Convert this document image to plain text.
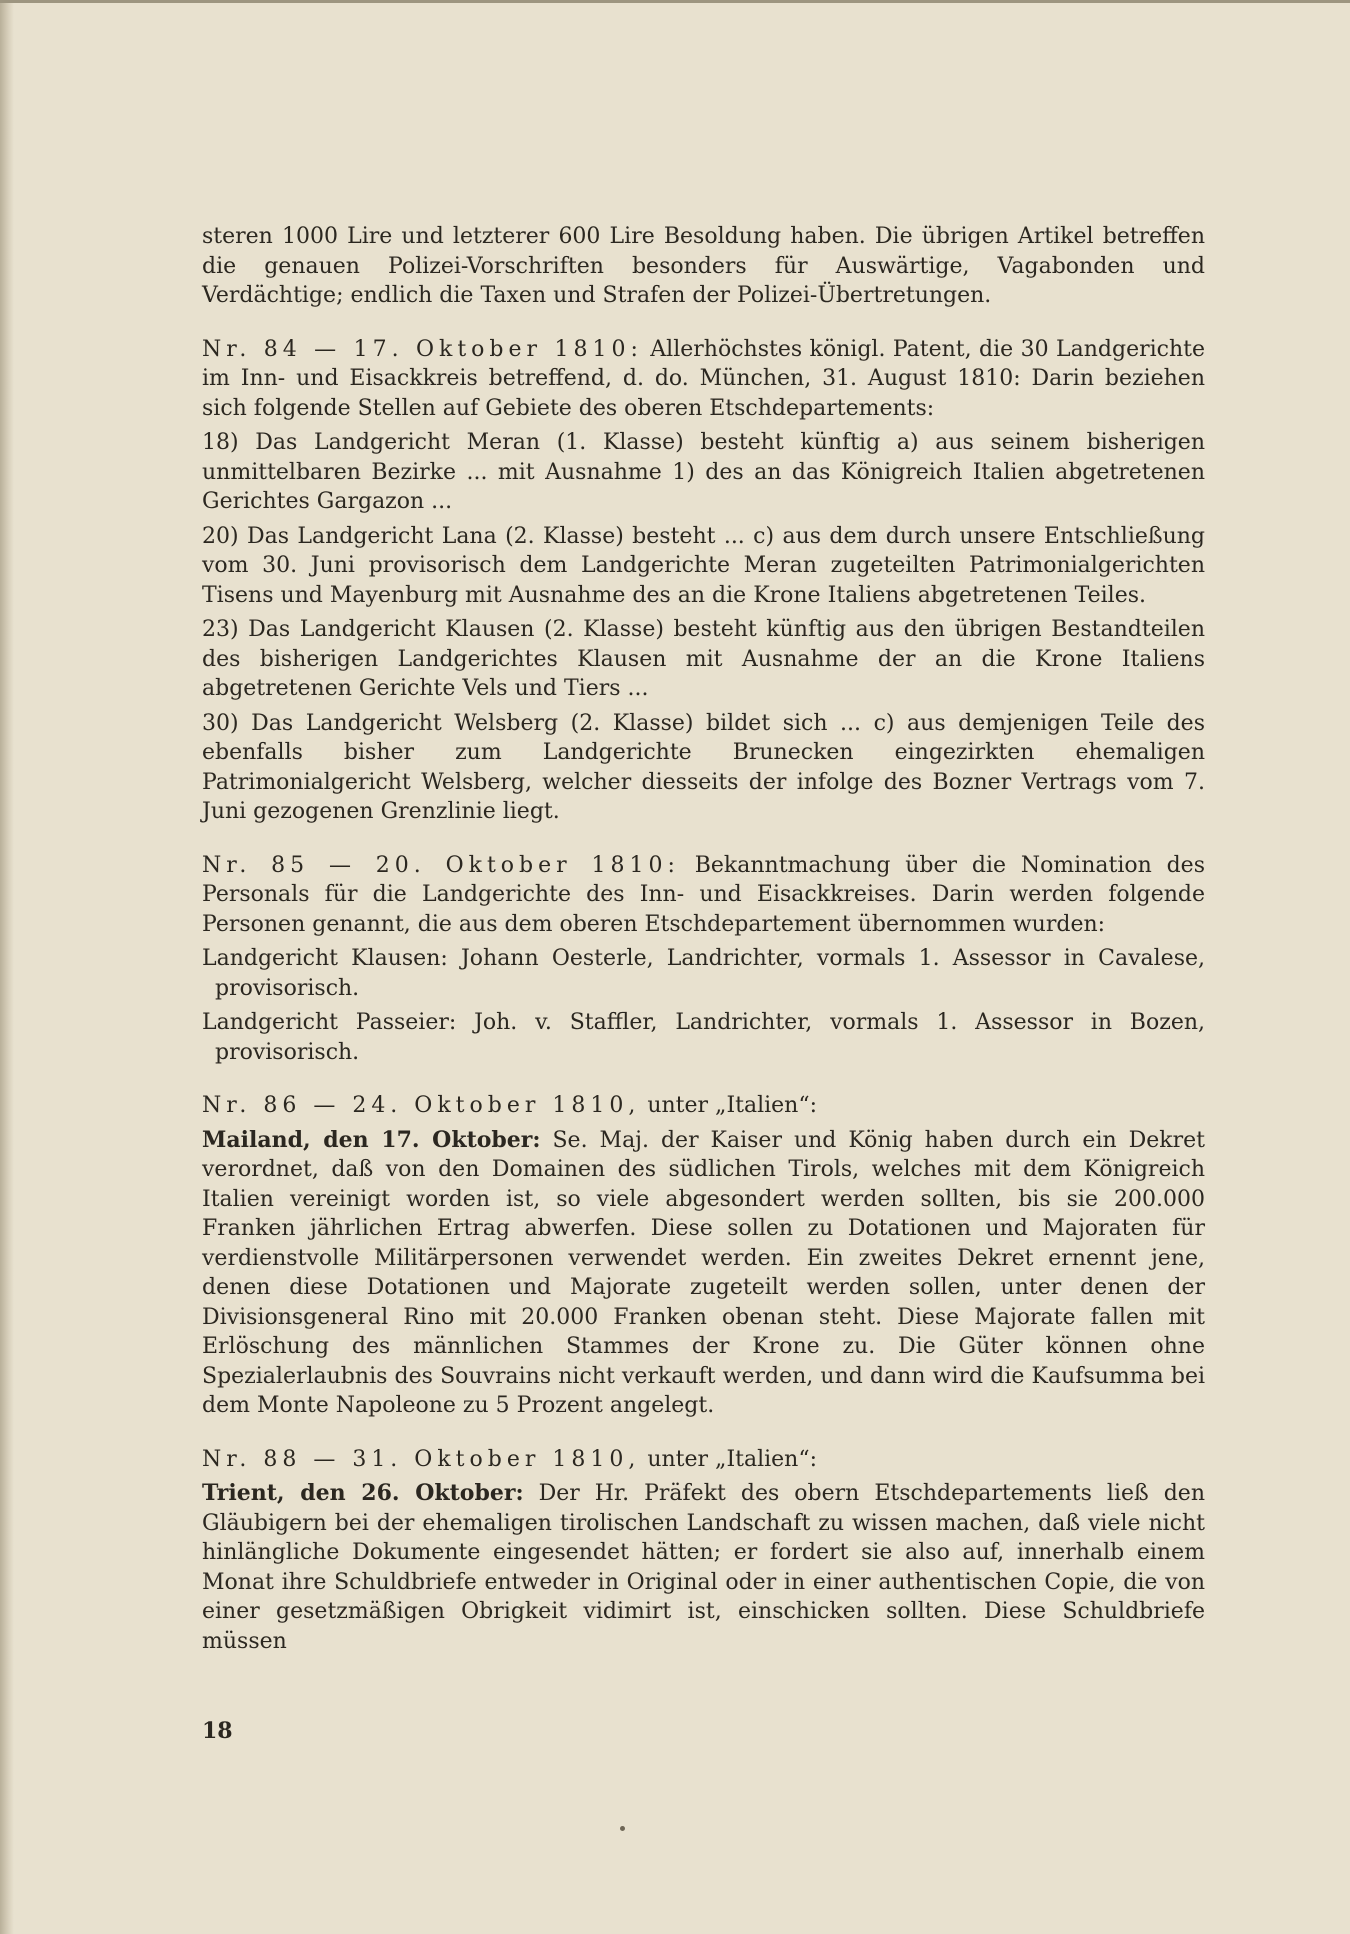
steren 1000 Lire und letzterer 600 Lire Besoldung haben. Die übrigen Artikel betreffen die genauen Polizei-Vorschriften besonders für Auswärtige, Vagabonden und Verdächtige; endlich die Taxen und Strafen der Polizei-Übertretungen.

Nr. 84 — 17. Oktober 1810: Allerhöchstes königl. Patent, die 30 Landgerichte im Inn- und Eisackkreis betreffend, d. do. München, 31. August 1810: Darin beziehen sich folgende Stellen auf Gebiete des oberen Etschdepartements:

18) Das Landgericht Meran (1. Klasse) besteht künftig a) aus seinem bisherigen unmittelbaren Bezirke ... mit Ausnahme 1) des an das Königreich Italien abgetretenen Gerichtes Gargazon ...

20) Das Landgericht Lana (2. Klasse) besteht ... c) aus dem durch unsere Entschließung vom 30. Juni provisorisch dem Landgerichte Meran zugeteilten Patrimonialgerichten Tisens und Mayenburg mit Ausnahme des an die Krone Italiens abgetretenen Teiles.

23) Das Landgericht Klausen (2. Klasse) besteht künftig aus den übrigen Bestandteilen des bisherigen Landgerichtes Klausen mit Ausnahme der an die Krone Italiens abgetretenen Gerichte Vels und Tiers ...

30) Das Landgericht Welsberg (2. Klasse) bildet sich ... c) aus demjenigen Teile des ebenfalls bisher zum Landgerichte Brunecken eingezirkten ehemaligen Patrimonialgericht Welsberg, welcher diesseits der infolge des Bozner Vertrags vom 7. Juni gezogenen Grenzlinie liegt.

Nr. 85 — 20. Oktober 1810: Bekanntmachung über die Nomination des Personals für die Landgerichte des Inn- und Eisackkreises. Darin werden folgende Personen genannt, die aus dem oberen Etschdepartement übernommen wurden:

Landgericht Klausen: Johann Oesterle, Landrichter, vormals 1. Assessor in Cavalese, provisorisch.

Landgericht Passeier: Joh. v. Staffler, Landrichter, vormals 1. Assessor in Bozen, provisorisch.

Nr. 86 — 24. Oktober 1810, unter „Italien“:

Mailand, den 17. Oktober: Se. Maj. der Kaiser und König haben durch ein Dekret verordnet, daß von den Domainen des südlichen Tirols, welches mit dem Königreich Italien vereinigt worden ist, so viele abgesondert werden sollten, bis sie 200.000 Franken jährlichen Ertrag abwerfen. Diese sollen zu Dotationen und Majoraten für verdienstvolle Militärpersonen verwendet werden. Ein zweites Dekret ernennt jene, denen diese Dotationen und Majorate zugeteilt werden sollen, unter denen der Divisionsgeneral Rino mit 20.000 Franken obenan steht. Diese Majorate fallen mit Erlöschung des männlichen Stammes der Krone zu. Die Güter können ohne Spezialerlaubnis des Souvrains nicht verkauft werden, und dann wird die Kaufsumma bei dem Monte Napoleone zu 5 Prozent angelegt.

Nr. 88 — 31. Oktober 1810, unter „Italien“:

Trient, den 26. Oktober: Der Hr. Präfekt des obern Etschdepartements ließ den Gläubigern bei der ehemaligen tirolischen Landschaft zu wissen machen, daß viele nicht hinlängliche Dokumente eingesendet hätten; er fordert sie also auf, innerhalb einem Monat ihre Schuldbriefe entweder in Original oder in einer authentischen Copie, die von einer gesetzmäßigen Obrigkeit vidimirt ist, einschicken sollten. Diese Schuldbriefe müssen

18
